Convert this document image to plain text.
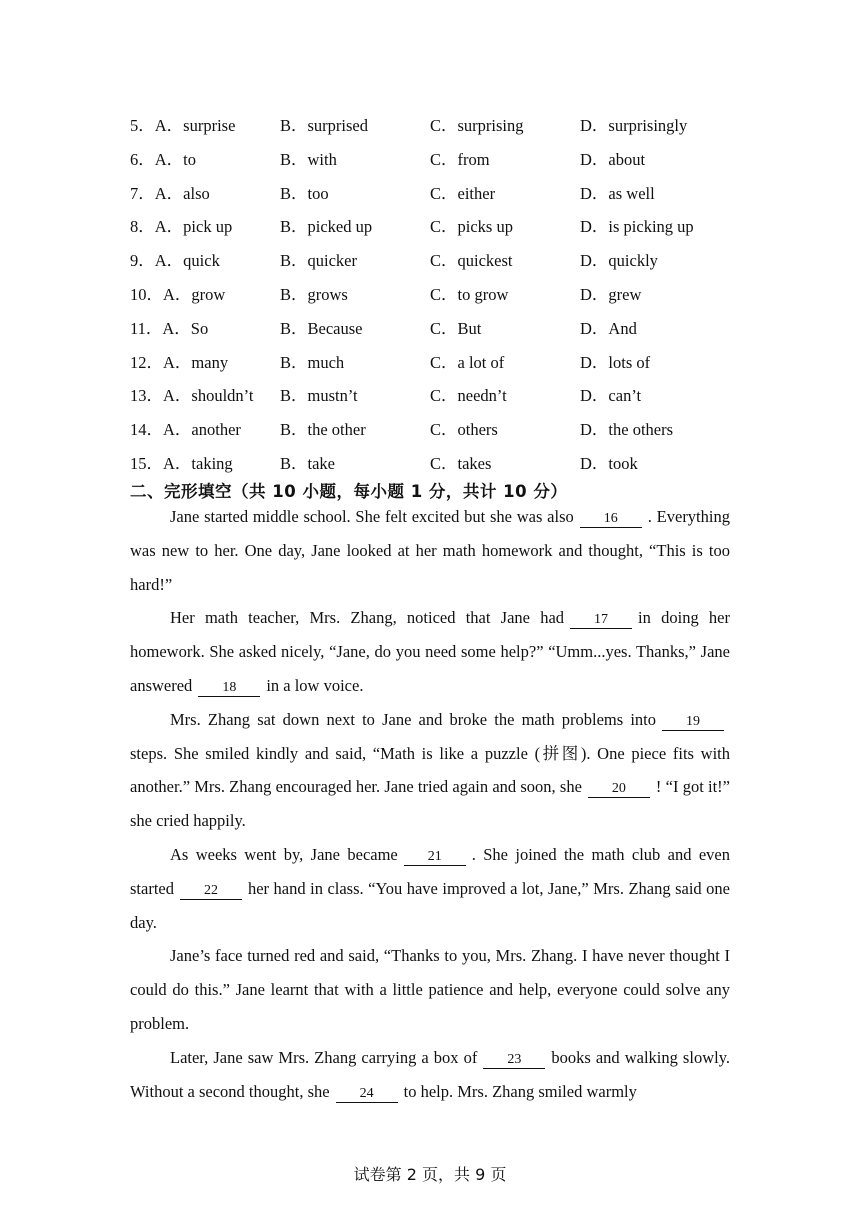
5．A．surprise	B．surprised	C．surprising	D．surprisingly
6．A．to	B．with	C．from	D．about
7．A．also	B．too	C．either	D．as well
8．A．pick up	B．picked up	C．picks up	D．is picking up
9．A．quick	B．quicker	C．quickest	D．quickly
10．A．grow	B．grows	C．to grow	D．grew
11．A．So	B．Because	C．But	D．And
12．A．many	B．much	C．a lot of	D．lots of
13．A．shouldn’t B．mustn’t	C．needn’t	D．can’t
14．A．another B．the other	C．others	D．the others
15．A．taking	B．take	C．takes	D．took
二、完形填空（共 10 小题，每小题 1 分，共计 10 分）

Jane started middle school. She felt excited but she was also 16 . Everything was new to her. One day, Jane looked at her math homework and thought, “This is too hard!”

Her math teacher, Mrs. Zhang, noticed that Jane had 17 in doing her homework. She asked nicely, “Jane, do you need some help?” “Umm...yes. Thanks,” Jane answered 18 in a low voice.

Mrs. Zhang sat down next to Jane and broke the math problems into 19steps. She smiled kindly and said, “Math is like a puzzle (拼图). One piece fits with another.” Mrs. Zhang encouraged her. Jane tried again and soon, she 20 ! “I got it!” she cried happily.

As weeks went by, Jane became 21 . She joined the math club and even started 22 her hand in class. “You have improved a lot, Jane,” Mrs. Zhang said one day.

Jane’s face turned red and said, “Thanks to you, Mrs. Zhang. I have never thought I could do this.” Jane learnt that with a little patience and help, everyone could solve any problem.

Later, Jane saw Mrs. Zhang carrying a box of 23 books and walking slowly. Without a second thought, she 24 to help. Mrs. Zhang smiled warmly

试卷第 2 页，共 9 页
